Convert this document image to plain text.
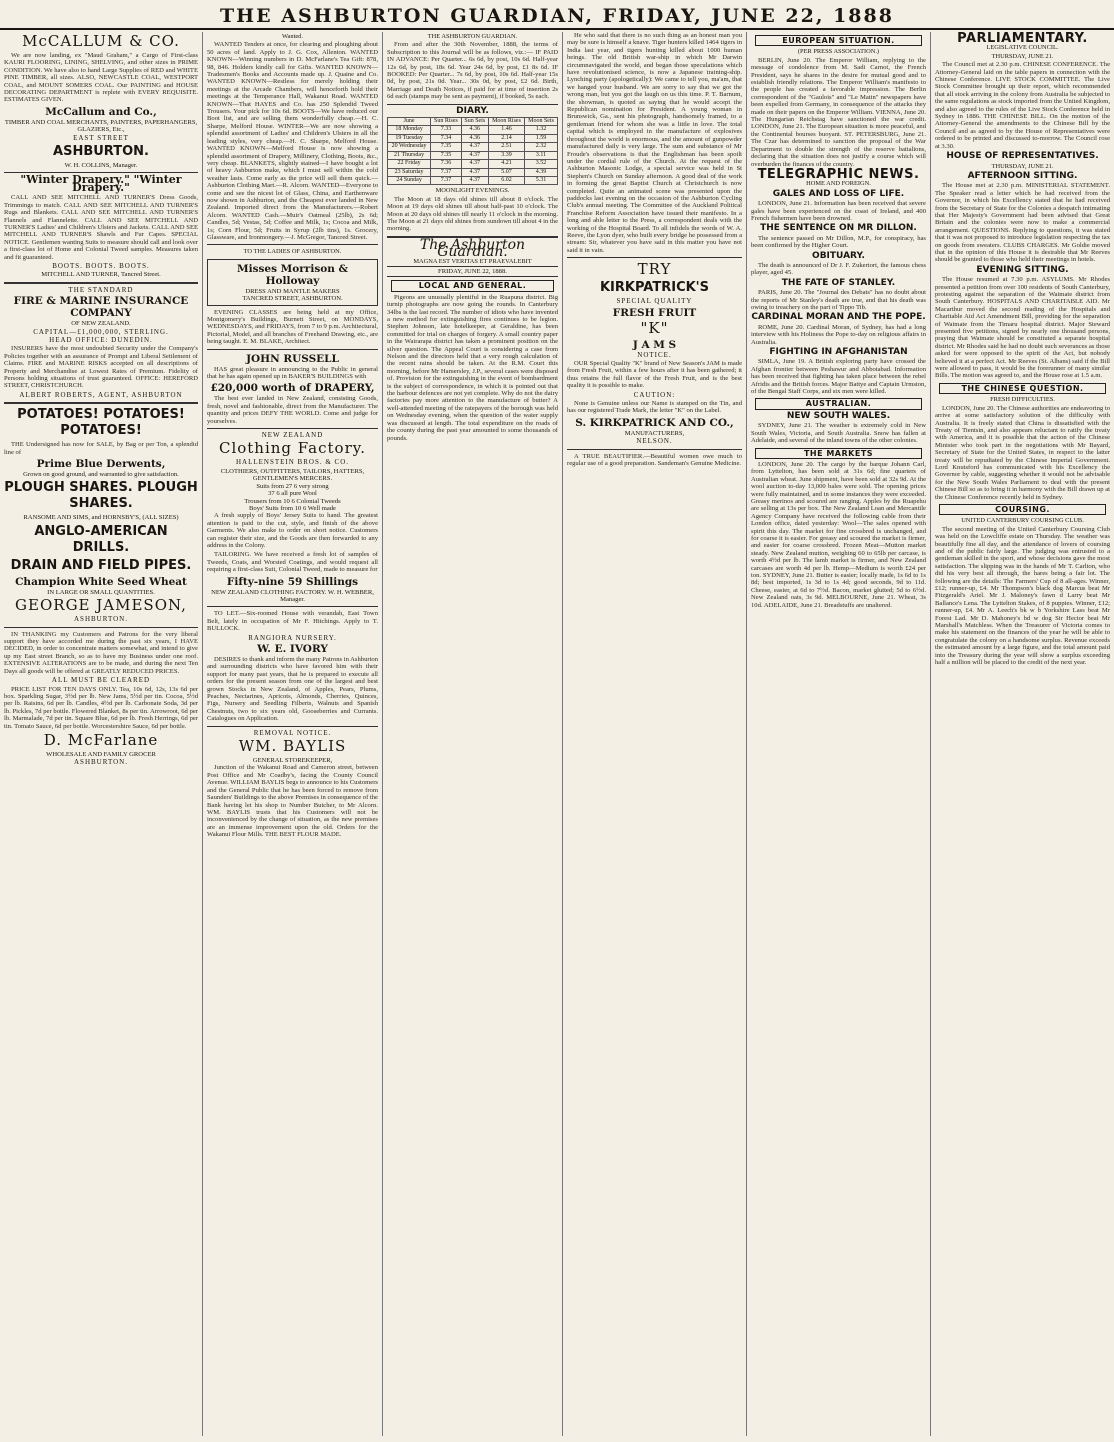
THE ASHBURTON GUARDIAN, FRIDAY, JUNE 22, 1888
McCALLUM & CO.

We are now landing, ex "Maud Graham," a Cargo of First-class KAURI FLOORING, LINING, SHELVING, and other sizes in PRIME CONDITION. We have also to hand Large Supplies of RED and WHITE PINE TIMBER, all sizes. ALSO, NEWCASTLE COAL, WESTPORT COAL, and MOUNT SOMERS COAL. Our PAINTING and HOUSE DECORATING DEPARTMENT is replete with EVERY REQUISITE. ESTIMATES GIVEN.

McCallum and Co.,
TIMBER AND COAL MERCHANTS, PAINTERS, PAPERHANGERS, GLAZIERS, Etc.,
EAST STREET
ASHBURTON.
W. H. COLLINS, Manager.
"Winter Drapery." "Winter Drapery."

CALL AND SEE MITCHELL AND TURNER'S Dress Goods, Trimmings to match. CALL AND SEE MITCHELL AND TURNER'S Rugs and Blankets. CALL AND SEE MITCHELL AND TURNER'S Flannels and Flannelette. CALL AND SEE MITCHELL AND TURNER'S Ladies' and Children's Ulsters and Jackets. CALL AND SEE MITCHELL AND TURNER'S Shawls and Fur Capes. SPECIAL NOTICE. Gentlemen wanting Suits to measure should call and look over a first-class lot of Home and Colonial Tweed samples. Measures taken and fit guaranteed.

BOOTS. BOOTS. BOOTS.
MITCHELL AND TURNER, Tancred Street.
THE STANDARD
FIRE & MARINE INSURANCE COMPANY
OF NEW ZEALAND.
CAPITAL—£1,000,000, STERLING.
HEAD OFFICE: DUNEDIN.

INSURERS have the most undoubted Security under the Company's Policies together with an assurance of Prompt and Liberal Settlement of Claims. FIRE and MARINE RISKS accepted on all descriptions of Property and Merchandise at Lowest Rates of Premium. Fidelity of Persons holding situations of trust guaranteed. OFFICE: HEREFORD STREET, CHRISTCHURCH.

ALBERT ROBERTS, AGENT, ASHBURTON
POTATOES! POTATOES! POTATOES!

THE Undersigned has now for SALE, by Bag or per Ton, a splendid line of

Prime Blue Derwents,
Grown on good ground, and warranted to give satisfaction.
PLOUGH SHARES. PLOUGH SHARES.
RANSOME AND SIMS, and HORNSBY'S, (ALL SIZES)
ANGLO-AMERICAN DRILLS.
DRAIN AND FIELD PIPES.
Champion White Seed Wheat
IN LARGE OR SMALL QUANTITIES.
GEORGE JAMESON,
ASHBURTON.

IN THANKING my Customers and Patrons for the very liberal support they have accorded me during the past six years, I HAVE DECIDED, in order to concentrate matters somewhat, and intend to give up my East street Branch, so as to have my Business under one roof. EXTENSIVE ALTERATIONS are to be made, and during the next Ten Days all goods will be offered at GREATLY REDUCED PRICES.

ALL MUST BE CLEARED

PRICE LIST FOR TEN DAYS ONLY. Tea, 10s 6d, 12s, 13s 6d per box. Sparkling Sugar, 3½d per lb. New Jams, 5½d per tin. Cocoa, 5½d per lb. Raisins, 6d per lb. Candles, 4½d per lb. Carbonate Soda, 3d per lb. Pickles, 7d per bottle. Flowered Blanket, 8s per tin. Arrowroot, 6d per lb. Marmalade, 7d per tin. Square Blue, 6d per lb. Fresh Herrings, 6d per tin. Tomato Sauce, 6d per bottle. Worcestershire Sauce, 6d per bottle.

D. McFarlane
WHOLESALE AND FAMILY GROCER
ASHBURTON.
Wanted.

WANTED Tenders at once, for clearing and ploughing about 50 acres of land. Apply to J. G. Cox, Allenton. WANTED KNOWN—Winning numbers in D. McFarlane's Tea Gift: 878, 98, 846. Holders kindly call for Gifts. WANTED KNOWN—Tradesmen's Books and Accounts made up. J. Quaine and Co. WANTED KNOWN—Restless for merely holding their meetings at the Arcade Chambers, will henceforth hold their meetings at the Temperance Hall, Wakanui Road. WANTED KNOWN—That HAYES and Co. has 250 Splendid Tweed Trousers. Your pick for 10s 6d. BOOTS—We have reduced our Boot list, and are selling them wonderfully cheap.—H. C. Sharpe, Melford House. WINTER—We are now showing a splendid assortment of Ladies' and Children's Ulsters in all the leading styles, very cheap.—H. C. Sharpe, Melford House. WANTED KNOWN—Melford House is now showing a splendid assortment of Drapery, Millinery, Clothing, Boots, &c., very cheap. BLANKETS, slightly stained—I have bought a lot of heavy Ashburton make, which I must sell within the cold weather lasts. Come early as the price will sell them quick.—Ashburton Clothing Mart.—R. Alcorn. WANTED—Everyone to come and see the nicest lot of Glass, China, and Earthenware now shown in Ashburton, and the Cheapest ever landed in New Zealand. Imported direct from the Manufacturers.—Robert Alcorn. WANTED Cash.—Muir's Oatmeal (25lb), 2s 6d; Candles, 5d; Vestas, 5d; Coffee and Milk, 1s; Cocoa and Milk, 1s; Corn Flour, 5d; Fruits in Syrup (2lb tins), 1s. Grocery, Glassware, and Ironmongery.—J. McGregor, Tancred Street.

TO THE LADIES OF ASHBURTON.
Misses Morrison & Holloway
DRESS AND MANTLE MAKERS
TANCRED STREET, ASHBURTON.

EVENING CLASSES are being held at my Office, Montgomery's Buildings, Burnett Street, on MONDAYS, WEDNESDAYS, and FRIDAYS, from 7 to 9 p.m. Architectural, Pictorial, Model, and all branches of Freehand Drawing, etc., are being taught. E. M. BLAKE, Architect.

JOHN RUSSELL

HAS great pleasure in announcing to the Public in general that he has again opened up in BAKER'S BUILDINGS with

£20,000 worth of DRAPERY,

The best ever landed in New Zealand, consisting Goods, fresh, novel and fashionable, direct from the Manufacturer. The quantity and prices DEFY THE WORLD. Come and judge for yourselves.

NEW ZEALAND
Clothing Factory.
HALLENSTEIN BROS. & CO.
CLOTHIERS, OUTFITTERS, TAILORS, HATTERS, GENTLEMEN'S MERCERS.
Suits from 27 6 very strong
37 6 all pure Wool
Trousers from 10 6 Colonial Tweeds
Boys' Suits from 10 6 Well made

A fresh supply of Boys' Jersey Suits to hand. The greatest attention is paid to the cut, style, and finish of the above Garments. We also make to order on short notice. Customers can register their size, and the Goods are then forwarded to any address in the Colony.

TAILORING. We have received a fresh lot of samples of Tweeds, Coats, and Worsted Coatings, and would request all requiring a first-class Suit, Colonial Tweed, made to measure for

Fifty-nine 59 Shillings
NEW ZEALAND CLOTHING FACTORY. W. H. WEBBER, Manager.

TO LET.—Six-roomed House with verandah, East Town Belt, lately in occupation of Mr F. Hitchings. Apply to T. BULLOCK.

RANGIORA NURSERY.
W. E. IVORY

DESIRES to thank and inform the many Patrons in Ashburton and surrounding districts who have favored him with their support for many past years, that he is prepared to execute all orders for the present season from one of the largest and best grown Stocks in New Zealand, of Apples, Pears, Plums, Peaches, Nectarines, Apricots, Almonds, Cherries, Quinces, Figs, Nursery and Seedling Filberts, Walnuts and Spanish Chestnuts, two to six years old, Gooseberries and Currants. Catalogues on Application.

REMOVAL NOTICE.
WM. BAYLIS
GENERAL STOREKEEPER,

Junction of the Wakanui Road and Cameron street, between Post Office and Mr Coadby's, facing the County Council Avenue. WILLIAM BAYLIS begs to announce to his Customers and the General Public that he has been forced to remove from Saunders' Buildings to the above Premises in consequence of the Bank having let his shop to Number Butcher, to Mr Alcorn. WM. BAYLIS trusts that his Customers will not be inconvenienced by the change of situation, as the new premises are an immense improvement upon the old. Orders for the Wakanui Flour Mills. THE BEST FLOUR MADE.

THE ASHBURTON GUARDIAN.

From and after the 30th November, 1888, the terms of Subscription to this Journal will be as follows, viz.:— IF PAID IN ADVANCE: Per Quarter... 6s 6d, by post, 10s 6d. Half-year 12s 6d, by post, 18s 6d. Year 24s 6d, by post, £1 8s 6d. IF BOOKED: Per Quarter... 7s 6d, by post, 10s 6d. Half-year 15s 0d, by post, 21s 0d. Year... 30s 0d, by post, £2 6d. Birth, Marriage and Death Notices, if paid for at time of insertion 2s 6d each (stamps may be sent as payment), if booked, 5s each.

DIARY.
June	Sun Rises	Sun Sets	Moon Rises	Moon Sets
18 Monday	7.33	4.36	1.46	1.32
19 Tuesday	7.34	4.36	2.14	1.59
20 Wednesday	7.35	4.37	2.51	2.32
21 Thursday	7.35	4.37	3.39	3.11
22 Friday	7.36	4.37	4.21	3.52
23 Saturday	7.37	4.37	5.07	4.39
24 Sunday	7.37	4.37	6.02	5.31
MOONLIGHT EVENINGS.

The Moon at 18 days old shines till about 8 o'clock. The Moon at 19 days old shines till about half-past 10 o'clock. The Moon at 20 days old shines till nearly 11 o'clock in the morning. The Moon at 21 days old shines from sundown till about 4 in the morning.

The Ashburton Guardian.
MAGNA EST VERITAS ET PRAEVALEBIT
FRIDAY, JUNE 22, 1888.
LOCAL AND GENERAL.

Pigeons are unusually plentiful in the Ruapuna district. Big turnip photographs are now going the rounds. In Canterbury 34lbs is the last record. The number of idiots who have invented a new method for extinguishing fires continues to be legion. Stephen Johnson, late hotelkeeper, at Geraldine, has been committed for trial on charges of forgery. A small country paper in the Wairarapa district has taken a prominent position on the silver question. The Appeal Court is considering a case from Nelson and the directors held that a very rough calculation of the recent rains should be taken. At the R.M. Court this morning, before Mr Hamersley, J.P., several cases were disposed of. Provision for the extinguishing in the event of bombardment is the subject of correspondence, in which it is pointed out that the harbour defences are not yet complete. Why do not the dairy factories pay more attention to the manufacture of butter? A well-attended meeting of the ratepayers of the borough was held on Wednesday evening, when the question of the water supply was discussed at length. The total expenditure on the roads of the county during the past year amounted to some thousands of pounds.

He who said that there is no such thing as an honest man you may be sure is himself a knave. Tiger hunters killed 1464 tigers in India last year, and tigers hunting killed about 1000 human beings. The old British war-ship in which Mr Darwin circumnavigated the world, and began those speculations which have revolutionised science, is now a Japanese training-ship. Lynching party (apologetically): We came to tell you, ma'am, that we hanged your husband. We are sorry to say that we got the wrong man, but you got the laugh on us this time. P. T. Barnum, the showman, is quoted as saying that he would accept the Republican nomination for President. A young woman in Brunswick, Ga., sent his photograph, handsomely framed, to a gentleman friend for whom she was a little in love. The total capital which is employed in the manufacture of explosives throughout the world is enormous, and the amount of gunpowder manufactured daily is very large. The sum and substance of Mr Froude's observations is that the Englishman has been spoilt under the cordial rule of the Church. At the request of the Ashburton Masonic Lodge, a special service was held in St Stephen's Church on Sunday afternoon. A good deal of the work in forming the great Baptist Church at Christchurch is now completed. Quite an animated scene was presented upon the paddocks last evening on the occasion of the Ashburton Cycling Club's annual meeting. The Committee of the Auckland Political Franchise Reform Association have issued their manifesto. In a long and able letter to the Press, a correspondent deals with the working of the Hospital Board. To all infidels the words of W. A. Reeve, the Lyon dyer, who built every bridge he possessed from a stream: Sir, whatever you have said in this matter you have not said it in vain.

TRY
KIRKPATRICK'S
SPECIAL QUALITY
FRESH FRUIT
"K"
J A M S
NOTICE.

OUR Special Quality "K" brand of New Season's JAM is made from Fresh Fruit, within a few hours after it has been gathered; it thus retains the full flavor of the Fresh Fruit, and is the best quality it is possible to make.

CAUTION:

None is Genuine unless our Name is stamped on the Tin, and has our registered Trade Mark, the letter "K" on the Label.

S. KIRKPATRICK AND CO.,
MANUFACTURERS,
NELSON.

A TRUE BEAUTIFIER.—Beautiful women owe much to regular use of a good preparation. Sandeman's Genuine Medicine.

EUROPEAN SITUATION.
(PER PRESS ASSOCIATION.)

BERLIN, June 20. The Emperor William, replying to the message of condolence from M. Sadi Carnot, the French President, says he shares in the desire for mutual good and to establish friendly relations. The Emperor William's manifesto to the people has created a favorable impression. The Berlin correspondent of the "Gaulois" and "Le Matin" newspapers have been expelled from Germany, in consequence of the attacks they made on their papers on the Emperor William. VIENNA, June 20. The Hungarian Reichstag have sanctioned the war credit. LONDON, June 21. The European situation is more peaceful, and the Continental bourses buoyant. ST. PETERSBURG, June 21. The Czar has determined to sanction the proposal of the War Department to double the strength of the reserve battalions, declaring that the situation does not justify a course which will overburden the finances of the country.

TELEGRAPHIC NEWS.
HOME AND FOREIGN.
GALES AND LOSS OF LIFE.

LONDON, June 21. Information has been received that severe gales have been experienced on the coast of Ireland, and 400 French fishermen have been drowned.

THE SENTENCE ON MR DILLON.

The sentence passed on Mr Dillon, M.P., for conspiracy, has been confirmed by the Higher Court.

OBITUARY.

The death is announced of Dr J. F. Zukertort, the famous chess player, aged 45.

THE FATE OF STANLEY.

PARIS, June 20. The "Journal des Debats" has no doubt about the reports of Mr Stanley's death are true, and that his death was owing to treachery on the part of Tippo Tib.

CARDINAL MORAN AND THE POPE.

ROME, June 20. Cardinal Moran, of Sydney, has had a long interview with his Holiness the Pope to-day on religious affairs in Australia.

FIGHTING IN AFGHANISTAN

SIMLA, June 19. A British exploring party have crossed the Afghan frontier between Peshawur and Abbotabad. Information has been received that fighting has taken place between the rebel Afridis and the British forces. Major Battye and Captain Urmston, of the Bengal Staff Corps, and six men were killed.

AUSTRALIAN.
NEW SOUTH WALES.

SYDNEY, June 21. The weather is extremely cold in New South Wales, Victoria, and South Australia. Snow has fallen at Adelaide, and several of the inland towns of the other colonies.

THE MARKETS

LONDON, June 20. The cargo by the barque Johann Carl, from Lyttelton, has been sold at 31s 6d; fine quarters of Australian wheat. June shipment, have been sold at 32s 9d. At the wool auction to-day 13,000 bales were sold. The opening prices were fully maintained, and in some instances they were exceeded. Greasy merinos and scoured are ranging. Apples by the Ruapehu are selling at 13s per box. The New Zealand Loan and Mercantile Agency Company have received the following cable from their London office, dated yesterday: Wool—The sales opened with spirit this day. The market for fine crossbred is unchanged, and for coarse it is easier. For greasy and scoured the market is firmer, and easier for coarse crossbred. Frozen Meat—Mutton market steady. New Zealand mutton, weighing 60 to 65lb per carcase, is worth 4½d per lb. The lamb market is firmer, and New Zealand carcases are worth 4d per lb. Hemp—Medium is worth £24 per ton. SYDNEY, June 21. Butter is easier; locally made, 1s 6d to 1s 8d; best imported, 1s 3d to 1s 4d; good seconds, 9d to 11d. Cheese, easier, at 6d to 7½d. Bacon, market glutted; 5d to 6½d. New Zealand oats, 3s 9d. MELBOURNE, June 21. Wheat, 3s 10d. ADELAIDE, June 21. Breadstuffs are unaltered.

PARLIAMENTARY.
LEGISLATIVE COUNCIL.
THURSDAY, JUNE 21.

The Council met at 2.30 p.m. CHINESE CONFERENCE. The Attorney-General laid on the table papers in connection with the Chinese Conference. LIVE STOCK COMMITTEE. The Live Stock Committee brought up their report, which recommended that all stock arriving in the colony from Australia be subjected to the same regulations as stock imported from the United Kingdom, and also agreed to the rules of the Live Stock Conference held in Sydney in 1886. THE CHINESE BILL. On the motion of the Attorney-General the amendments to the Chinese Bill by the Council and as agreed to by the House of Representatives were ordered to be printed and discussed to-morrow. The Council rose at 3.30.

HOUSE OF REPRESENTATIVES.
THURSDAY, JUNE 21.
AFTERNOON SITTING.

The House met at 2.30 p.m. MINISTERIAL STATEMENT. The Speaker read a letter which he had received from the Governor, in which his Excellency stated that he had received from the Secretary of State for the Colonies a despatch intimating that Her Majesty's Government had been advised that Great Britain and the colonies were now to make a commercial arrangement. QUESTIONS. Replying to questions, it was stated that it was not proposed to introduce legislation respecting the tax on goods from sweaters. CLUBS CHARGES. Mr Goldie moved that in the opinion of this House it is desirable that Mr Reeves should be granted to those who held their meetings in hotels.

EVENING SITTING.

The House resumed at 7.30 p.m. ASYLUMS. Mr Rhodes presented a petition from over 100 residents of South Canterbury, protesting against the separation of the Waimate district from South Canterbury. HOSPITALS AND CHARITABLE AID. Mr Macarthur moved the second reading of the Hospitals and Charitable Aid Act Amendment Bill, providing for the separation of Waimate from the Timaru hospital district. Major Steward presented five petitions, signed by nearly one thousand persons, praying that Waimate should be constituted a separate hospital district. Mr Rhodes said he had no doubt such severances as those asked for were opposed to the spirit of the Act, but nobody believed it at a perfect Act. Mr Reeves (St. Albans) said if the Bill were allowed to pass, it would be the forerunner of many similar Bills. The motion was agreed to, and the House rose at 1.5 a.m.

THE CHINESE QUESTION.
FRESH DIFFICULTIES.

LONDON, June 20. The Chinese authorities are endeavoring to arrive at some satisfactory solution of the difficulty with Australia. It is freely stated that China is dissatisfied with the Treaty of Tientsin, and also appears reluctant to ratify the treaty with America, and it is possible that the action of the Chinese Minister who took part in the negotiations with Mr Bayard, Secretary of State for the United States, in respect to the latter treaty will be repudiated by the Chinese Imperial Government. Lord Knutsford has communicated with his Excellency the Governor by cable, suggesting whether it would not be advisable for the New South Wales Parliament to deal with the present Chinese Bill so as to bring it in harmony with the Bill drawn up at the Chinese Conference recently held in Sydney.

COURSING.
UNITED CANTERBURY COURSING CLUB.

The second meeting of the United Canterbury Coursing Club was held on the Lowcliffe estate on Thursday. The weather was beautifully fine all day, and the attendance of lovers of coursing and of the public fairly large. The judging was entrusted to a gentleman skilled in the sport, and whose decisions gave the most satisfaction. The slipping was in the hands of Mr T. Carlton, who did his very best all through, the hares being a fair lot. The following are the details: The Farmers' Cup of 8 all-ages. Winner, £12; runner-up, £4. Mr Thompson's black dog Marcus beat Mr Fitzgerald's Ariel. Mr J. Maloney's fawn d Larry beat Mr Ballance's Lena. The Lyttelton Stakes, of 8 puppies. Winner, £12; runner-up, £4. Mr A. Leech's bk w b Yorkshire Lass beat Mr Forest Lad. Mr D. Mahoney's bd w dog Sir Hector beat Mr Marshall's Matchless. When the Treasurer of Victoria comes to make his statement on the finances of the year he will be able to congratulate the colony on a handsome surplus. Revenue exceeds the estimated amount by a large figure, and the total amount paid into the Treasury during the year will show a surplus exceeding half a million will be placed to the credit of the next year.
